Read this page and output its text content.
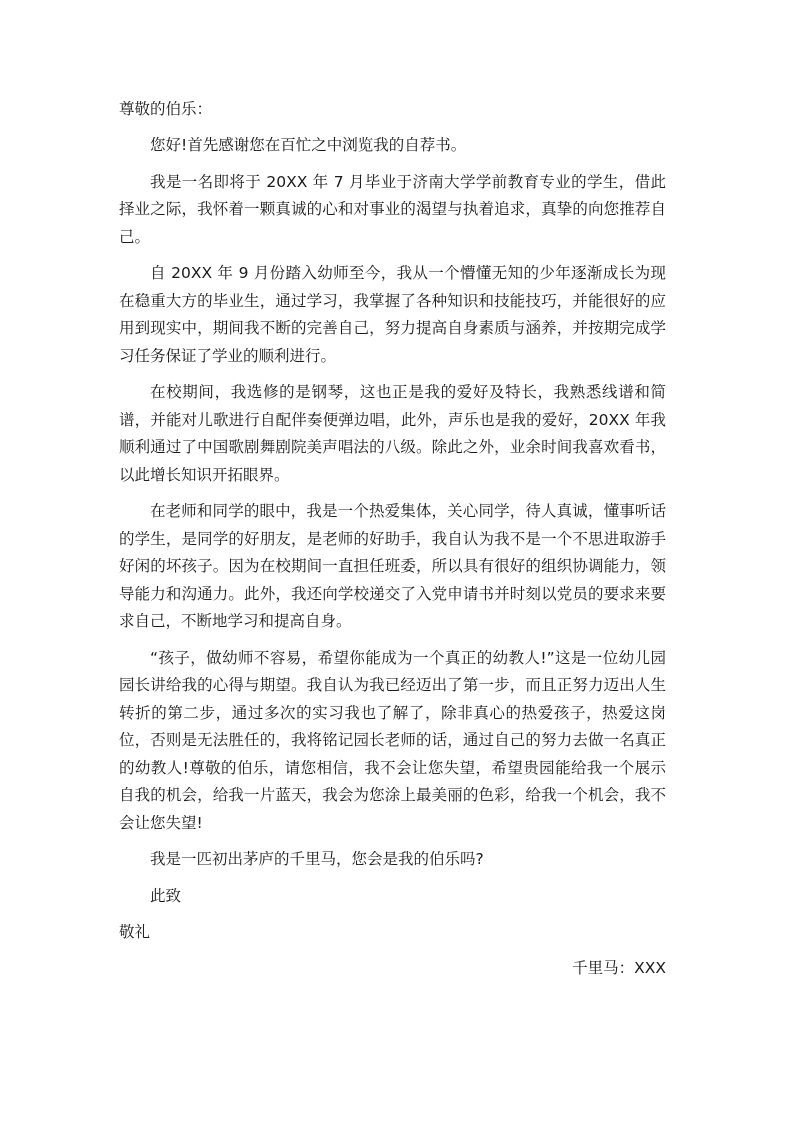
尊敬的伯乐：

您好!首先感谢您在百忙之中浏览我的自荐书。

我是一名即将于 20XX 年 7 月毕业于济南大学学前教育专业的学生，借此择业之际，我怀着一颗真诚的心和对事业的渴望与执着追求，真挚的向您推荐自己。

自 20XX 年 9 月份踏入幼师至今，我从一个懵懂无知的少年逐渐成长为现在稳重大方的毕业生，通过学习，我掌握了各种知识和技能技巧，并能很好的应用到现实中，期间我不断的完善自己，努力提高自身素质与涵养，并按期完成学习任务保证了学业的顺利进行。

在校期间，我选修的是钢琴，这也正是我的爱好及特长，我熟悉线谱和简谱，并能对儿歌进行自配伴奏便弹边唱，此外，声乐也是我的爱好，20XX 年我顺利通过了中国歌剧舞剧院美声唱法的八级。除此之外，业余时间我喜欢看书，以此增长知识开拓眼界。

在老师和同学的眼中，我是一个热爱集体，关心同学，待人真诚，懂事听话的学生，是同学的好朋友，是老师的好助手，我自认为我不是一个不思进取游手好闲的坏孩子。因为在校期间一直担任班委，所以具有很好的组织协调能力，领导能力和沟通力。此外，我还向学校递交了入党申请书并时刻以党员的要求来要求自己，不断地学习和提高自身。

“孩子，做幼师不容易，希望你能成为一个真正的幼教人!”这是一位幼儿园园长讲给我的心得与期望。我自认为我已经迈出了第一步，而且正努力迈出人生转折的第二步，通过多次的实习我也了解了，除非真心的热爱孩子，热爱这岗位，否则是无法胜任的，我将铭记园长老师的话，通过自己的努力去做一名真正的幼教人!尊敬的伯乐，请您相信，我不会让您失望，希望贵园能给我一个展示自我的机会，给我一片蓝天，我会为您涂上最美丽的色彩，给我一个机会，我不会让您失望!

我是一匹初出茅庐的千里马，您会是我的伯乐吗?

此致

敬礼

千里马：XXX
